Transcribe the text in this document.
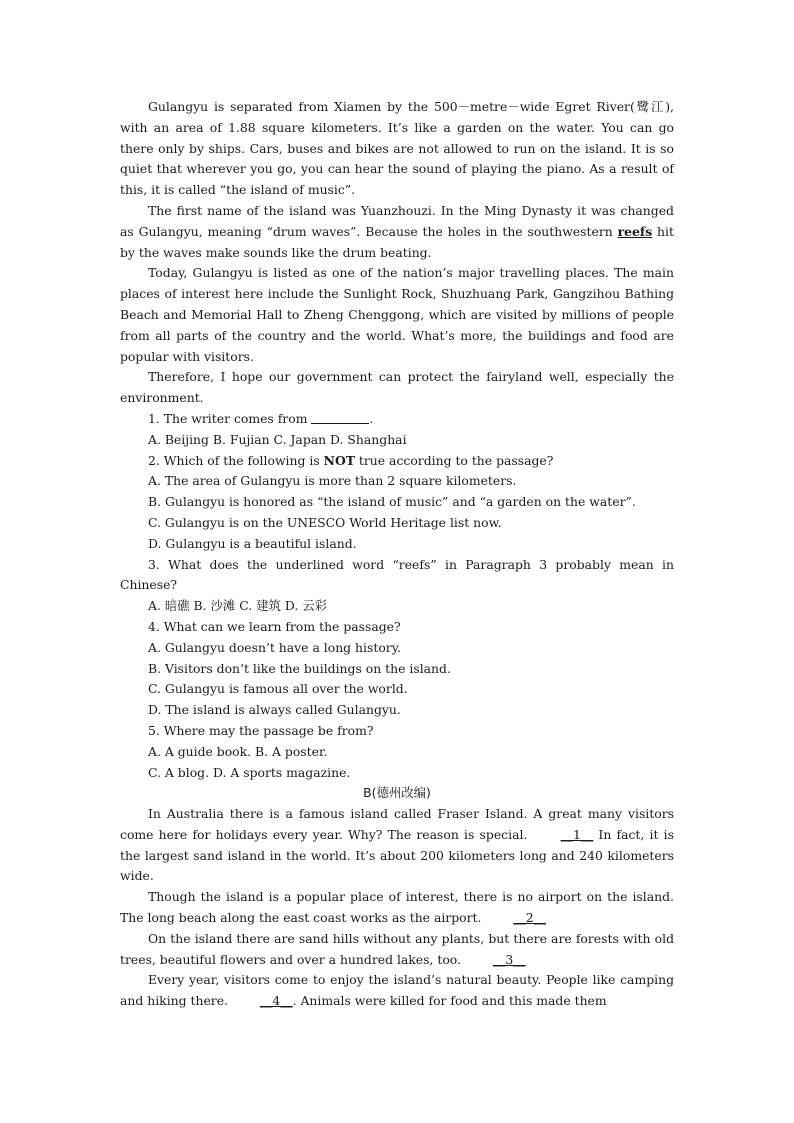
Gulangyu is separated from Xiamen by the 500－metre－wide Egret River(鹭江), with an area of 1.88 square kilometers. It’s like a garden on the water. You can go there only by ships. Cars, buses and bikes are not allowed to run on the island. It is so quiet that wherever you go, you can hear the sound of playing the piano. As a result of this, it is called “the island of music”.

The first name of the island was Yuanzhouzi. In the Ming Dynasty it was changed as Gulangyu, meaning “drum waves”. Because the holes in the southwestern reefs hit by the waves make sounds like the drum beating.

Today, Gulangyu is listed as one of the nation’s major travelling places. The main places of interest here include the Sunlight Rock, Shuzhuang Park, Gangzihou Bathing Beach and Memorial Hall to Zheng Chenggong, which are visited by millions of people from all parts of the country and the world. What’s more, the buildings and food are popular with visitors.

Therefore, I hope our government can protect the fairyland well, especially the environment.

1. The writer comes from	.

A. Beijing B. Fujian C. Japan D. Shanghai

2. Which of the following is NOT true according to the passage?

A. The area of Gulangyu is more than 2 square kilometers.

B. Gulangyu is honored as “the island of music” and “a garden on the water”.

C. Gulangyu is on the UNESCO World Heritage list now.

D. Gulangyu is a beautiful island.

3. What does the underlined word “reefs” in Paragraph 3 probably mean in Chinese?

A. 暗礁 B. 沙滩 C. 建筑 D. 云彩

4. What can we learn from the passage?

A. Gulangyu doesn’t have a long history.

B. Visitors don’t like the buildings on the island.

C. Gulangyu is famous all over the world.

D. The island is always called Gulangyu.

5. Where may the passage be from?

A. A guide book. B. A poster.

C. A blog. D. A sports magazine.

B(德州改编)

In Australia there is a famous island called Fraser Island. A great many visitors come here for holidays every year. Why? The reason is special. __1__ In fact, it is the largest sand island in the world. It’s about 200 kilometers long and 240 kilometers wide.

Though the island is a popular place of interest, there is no airport on the island. The long beach along the east coast works as the airport. __2__

On the island there are sand hills without any plants, but there are forests with old trees, beautiful flowers and over a hundred lakes, too. __3__

Every year, visitors come to enjoy the island’s natural beauty. People like camping and hiking there. __4__. Animals were killed for food and this made them
